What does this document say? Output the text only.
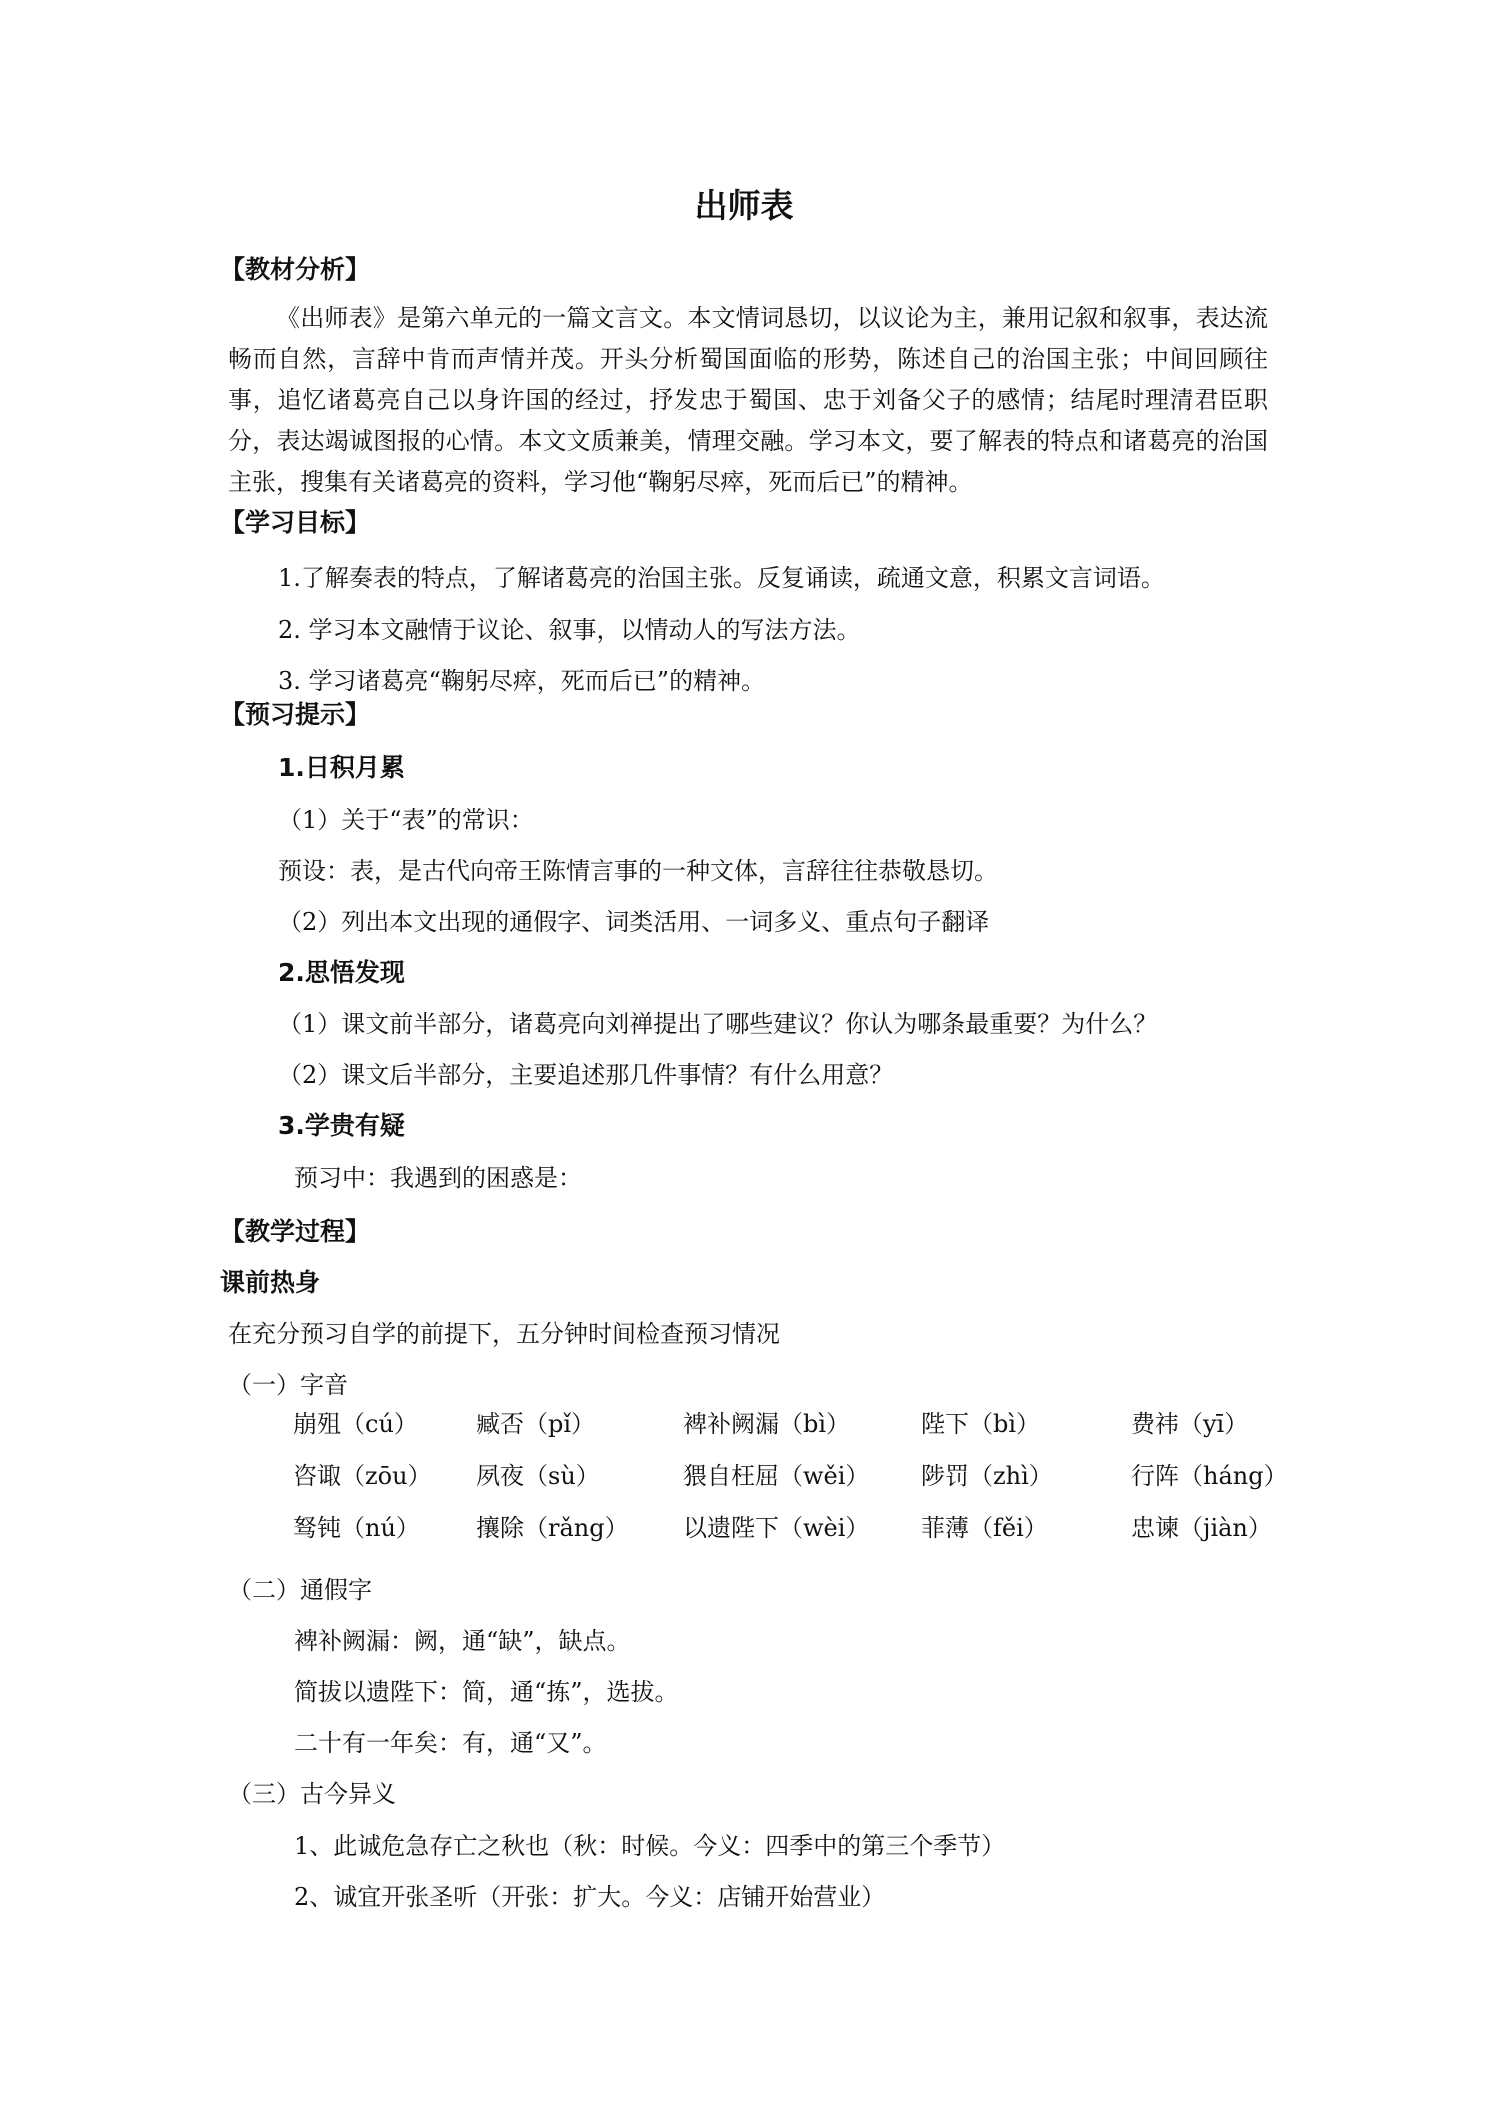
出师表
【教材分析】
《出师表》是第六单元的一篇文言文。本文情词恳切，以议论为主，兼用记叙和叙事，表达流畅而自然，言辞中肯而声情并茂。开头分析蜀国面临的形势，陈述自己的治国主张；中间回顾往事，追忆诸葛亮自己以身许国的经过，抒发忠于蜀国、忠于刘备父子的感情；结尾时理清君臣职分，表达竭诚图报的心情。本文文质兼美，情理交融。学习本文，要了解表的特点和诸葛亮的治国主张，搜集有关诸葛亮的资料，学习他“鞠躬尽瘁，死而后已”的精神。
【学习目标】
1.了解奏表的特点，了解诸葛亮的治国主张。反复诵读，疏通文意，积累文言词语。
2. 学习本文融情于议论、叙事，以情动人的写法方法。
3. 学习诸葛亮“鞠躬尽瘁，死而后已”的精神。
【预习提示】
1.日积月累
（1）关于“表”的常识：
预设：表，是古代向帝王陈情言事的一种文体，言辞往往恭敬恳切。
（2）列出本文出现的通假字、词类活用、一词多义、重点句子翻译
2.思悟发现
（1）课文前半部分，诸葛亮向刘禅提出了哪些建议？你认为哪条最重要？为什么？
（2）课文后半部分，主要追述那几件事情？有什么用意？
3.学贵有疑
预习中：我遇到的困惑是：
【教学过程】
课前热身
在充分预习自学的前提下，五分钟时间检查预习情况
（一）字音
崩殂（cú） 臧否（pǐ）	裨补阙漏（bì）	陛下（bì）	费祎（yī）
咨诹（zōu） 夙夜（sù）	猥自枉屈（wěi） 陟罚（zhì）	行阵（háng）
驽钝（nú） 攘除（rǎng） 以遗陛下（wèi） 菲薄（fěi）	忠谏（jiàn）
（二）通假字
裨补阙漏：阙，通“缺”，缺点。
简拔以遗陛下：简，通“拣”，选拔。
二十有一年矣：有，通“又”。
（三）古今异义
1、此诚危急存亡之秋也（秋：时候。今义：四季中的第三个季节）
2、诚宜开张圣听（开张：扩大。今义：店铺开始营业）
